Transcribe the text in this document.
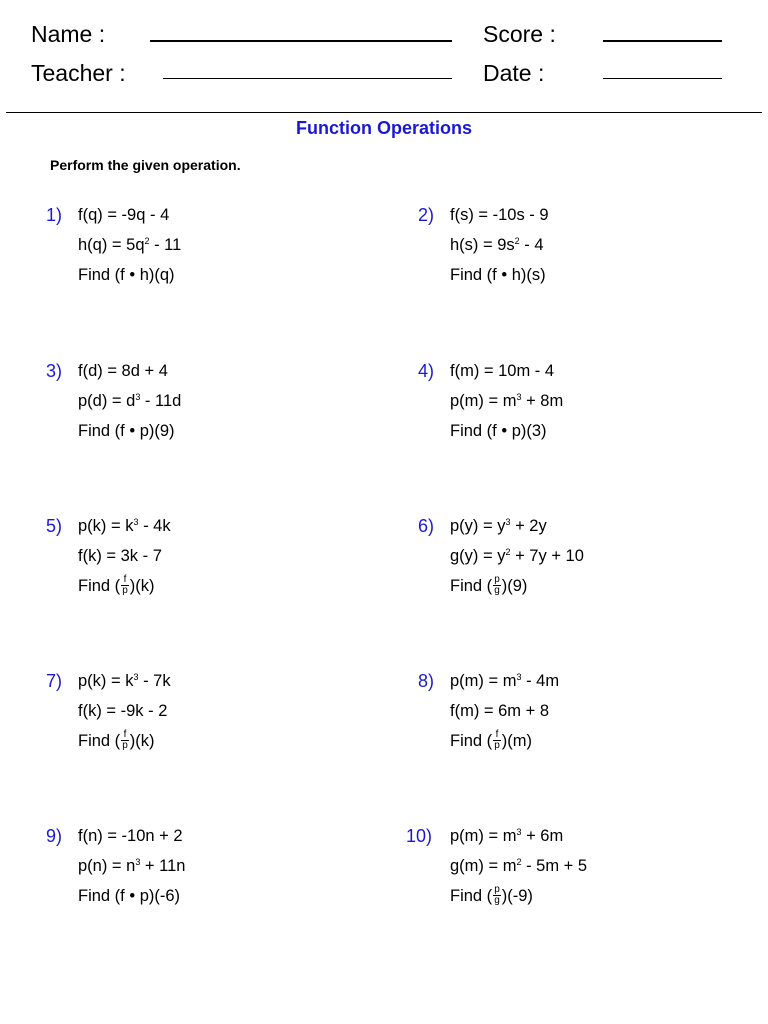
Name :
Teacher :
Score :
Date :
Function Operations
Perform the given operation.
1) f(q) = -9q - 4
$h(q) = 5q^2 - 11$
Find (f • h)(q)
2) f(s) = -10s - 9
$h(s) = 9s^2 - 4$
Find (f • h)(s)
3) f(d) = 8d + 4
$p(d) = d^3 - 11d$
Find (f • p)(9)
4) f(m) = 10m - 4
$p(m) = m^3 + 8m$
Find (f • p)(3)
5) $p(k) = k^3 - 4k$
f(k) = 3k - 7
Find ( $\frac{f}{p} )(k)$
6) $p(y) = y^3 + 2y$
$g(y) = y^2 + 7y + 10$
Find ( $\frac{p}{g} )(9)$
7) $p(k) = k^3 - 7k$
f(k) = -9k - 2
Find ( $\frac{f}{p} )(k)$
8) $p(m) = m^3 - 4m$
f(m) = 6m + 8
Find ( $\frac{f}{p} )(m)$
9) f(n) = -10n + 2
$p(n) = n^3 + 11n$
Find (f • p)(-6)
10) $p(m) = m^3 + 6m$
$g(m) = m^2 - 5m + 5$
Find ( $\frac{p}{g} )(-9)$
